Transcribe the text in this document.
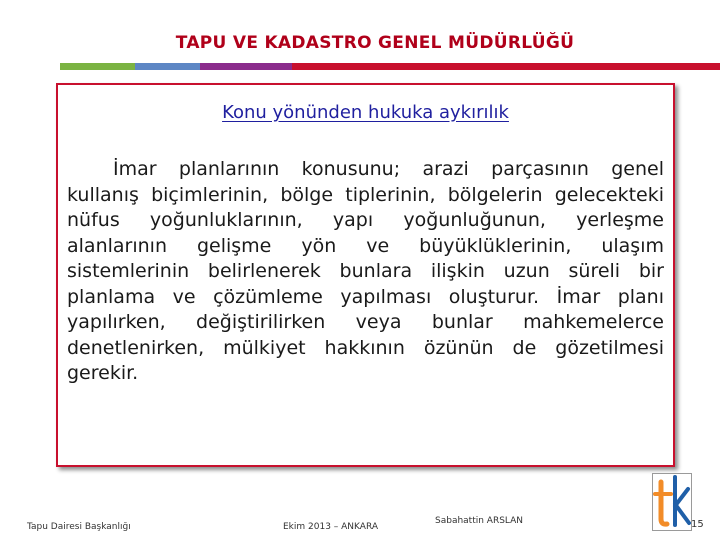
TAPU VE KADASTRO GENEL MÜDÜRLÜĞÜ
Konu yönünden hukuka aykırılık
İmar planlarının konusunu; arazi parçasının genel kullanış biçimlerinin, bölge tiplerinin, bölgelerin gelecekteki nüfus yoğunluklarının, yapı yoğunluğunun, yerleşme alanlarının gelişme yön ve büyüklüklerinin, ulaşım sistemlerinin belirlenerek bunlara ilişkin uzun süreli bir planlama ve çözümleme yapılması oluşturur. İmar planı yapılırken, değiştirilirken veya bunlar mahkemelerce denetlenirken, mülkiyet hakkının özünün de gözetilmesi gerekir.
Tapu Dairesi Başkanlığı	Ekim 2013 – ANKARA
Sabahattin ARSLAN	15
